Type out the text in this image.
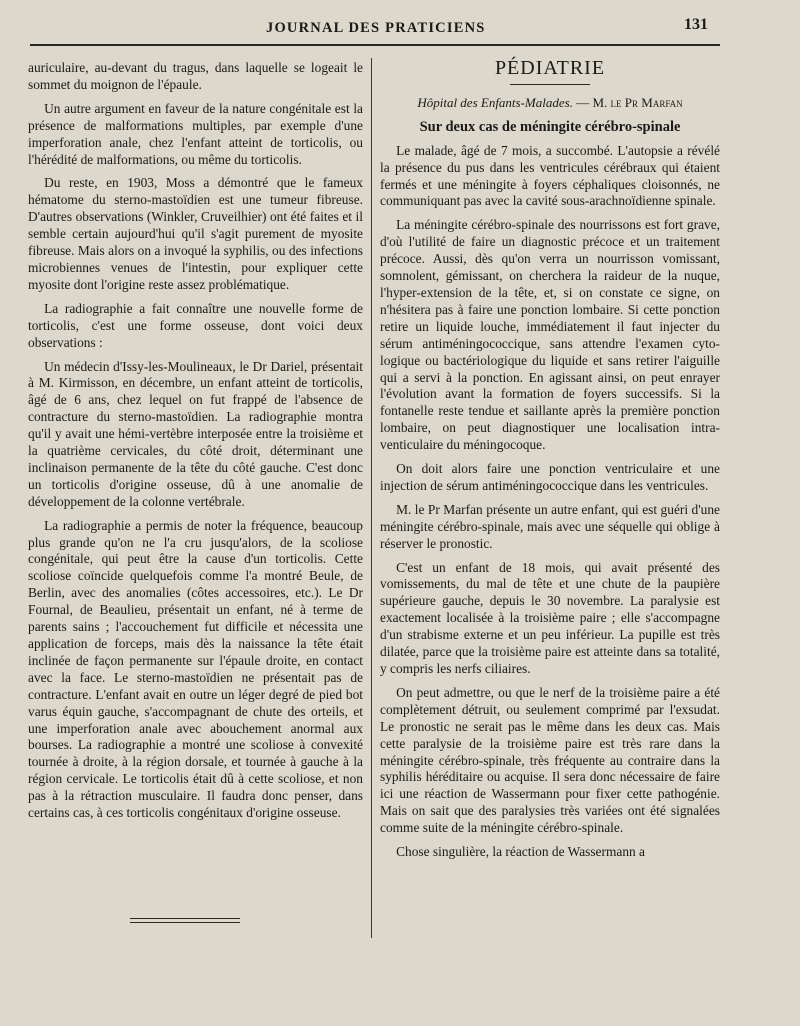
JOURNAL DES PRATICIENS	131

auriculaire, au-devant du tragus, dans laquelle se logeait le sommet du moignon de l'épaule.

Un autre argument en faveur de la nature congénitale est la présence de malformations multiples, par exemple d'une imperforation anale, chez l'enfant atteint de torticolis, ou l'hérédité de malformations, ou même du torticolis.

Du reste, en 1903, Moss a démontré que le fameux hématome du sterno-mastoïdien est une tumeur fibreuse. D'autres observations (Winkler, Cruveilhier) ont été faites et il semble certain aujourd'hui qu'il s'agit purement de myosite fibreuse. Mais alors on a invoqué la syphilis, ou des infections microbiennes venues de l'intestin, pour expliquer cette myosite dont l'origine reste assez problématique.

La radiographie a fait connaître une nouvelle forme de torticolis, c'est une forme osseuse, dont voici deux observations :

Un médecin d'Issy-les-Moulineaux, le Dr Dariel, présentait à M. Kirmisson, en décembre, un enfant atteint de torticolis, âgé de 6 ans, chez lequel on fut frappé de l'absence de contracture du sterno-mastoïdien. La radiographie montra qu'il y avait une hémi-vertèbre interposée entre la troisième et la quatrième cervicales, du côté droit, déterminant une inclinaison permanente de la tête du côté gauche. C'est donc un torticolis d'origine osseuse, dû à une anomalie de développement de la colonne vertébrale.

La radiographie a permis de noter la fréquence, beaucoup plus grande qu'on ne l'a cru jusqu'alors, de la scoliose congénitale, qui peut être la cause d'un torticolis. Cette scoliose coïncide quelquefois comme l'a montré Beule, de Berlin, avec des anomalies (côtes accessoires, etc.). Le Dr Fournal, de Beaulieu, présentait un enfant, né à terme de parents sains ; l'accouchement fut difficile et nécessita une application de forceps, mais dès la naissance la tête était inclinée de façon permanente sur l'épaule droite, en contact avec la face. Le sterno-mastoïdien ne présentait pas de contracture. L'enfant avait en outre un léger degré de pied bot varus équin gauche, s'accompagnant de chute des orteils, et une imperforation anale avec abouchement anormal aux bourses. La radiographie a montré une scoliose à convexité tournée à droite, à la région dorsale, et tournée à gauche à la région cervicale. Le torticolis était dû à cette scoliose, et non pas à la rétraction musculaire. Il faudra donc penser, dans certains cas, à ces torticolis congénitaux d'origine osseuse.

PÉDIATRIE

Hôpital des Enfants-Malades. — M. le Pr Marfan

Sur deux cas de méningite cérébro-spinale

Le malade, âgé de 7 mois, a succombé. L'autopsie a révélé la présence du pus dans les ventricules cérébraux qui étaient fermés et une méningite à foyers céphaliques cloisonnés, ne communiquant pas avec la cavité sous-arachnoïdienne spinale.

La méningite cérébro-spinale des nourrissons est fort grave, d'où l'utilité de faire un diagnostic précoce et un traitement précoce. Aussi, dès qu'on verra un nourrisson vomissant, somnolent, gémissant, on cherchera la raideur de la nuque, l'hyper-extension de la tête, et, si on constate ce signe, on n'hésitera pas à faire une ponction lombaire. Si cette ponction retire un liquide louche, immédiatement il faut injecter du sérum antiméningococcique, sans attendre l'examen cyto-logique ou bactériologique du liquide et sans retirer l'aiguille qui a servi à la ponction. En agissant ainsi, on peut enrayer l'évolution avant la formation de foyers successifs. Si la fontanelle reste tendue et saillante après la première ponction lombaire, on peut diagnostiquer une localisation intra-venticulaire du méningocoque.

On doit alors faire une ponction ventriculaire et une injection de sérum antiméningococcique dans les ventricules.

M. le Pr Marfan présente un autre enfant, qui est guéri d'une méningite cérébro-spinale, mais avec une séquelle qui oblige à réserver le pronostic.

C'est un enfant de 18 mois, qui avait présenté des vomissements, du mal de tête et une chute de la paupière supérieure gauche, depuis le 30 novembre. La paralysie est exactement localisée à la troisième paire ; elle s'accompagne d'un strabisme externe et un peu inférieur. La pupille est très dilatée, parce que la troisième paire est atteinte dans sa totalité, y compris les nerfs ciliaires.

On peut admettre, ou que le nerf de la troisième paire a été complètement détruit, ou seulement comprimé par l'exsudat. Le pronostic ne serait pas le même dans les deux cas. Mais cette paralysie de la troisième paire est très rare dans la méningite cérébro-spinale, très fréquente au contraire dans la syphilis héréditaire ou acquise. Il sera donc nécessaire de faire ici une réaction de Wassermann pour fixer cette pathogénie. Mais on sait que des paralysies très variées ont été signalées comme suite de la méningite cérébro-spinale.

Chose singulière, la réaction de Wassermann a
